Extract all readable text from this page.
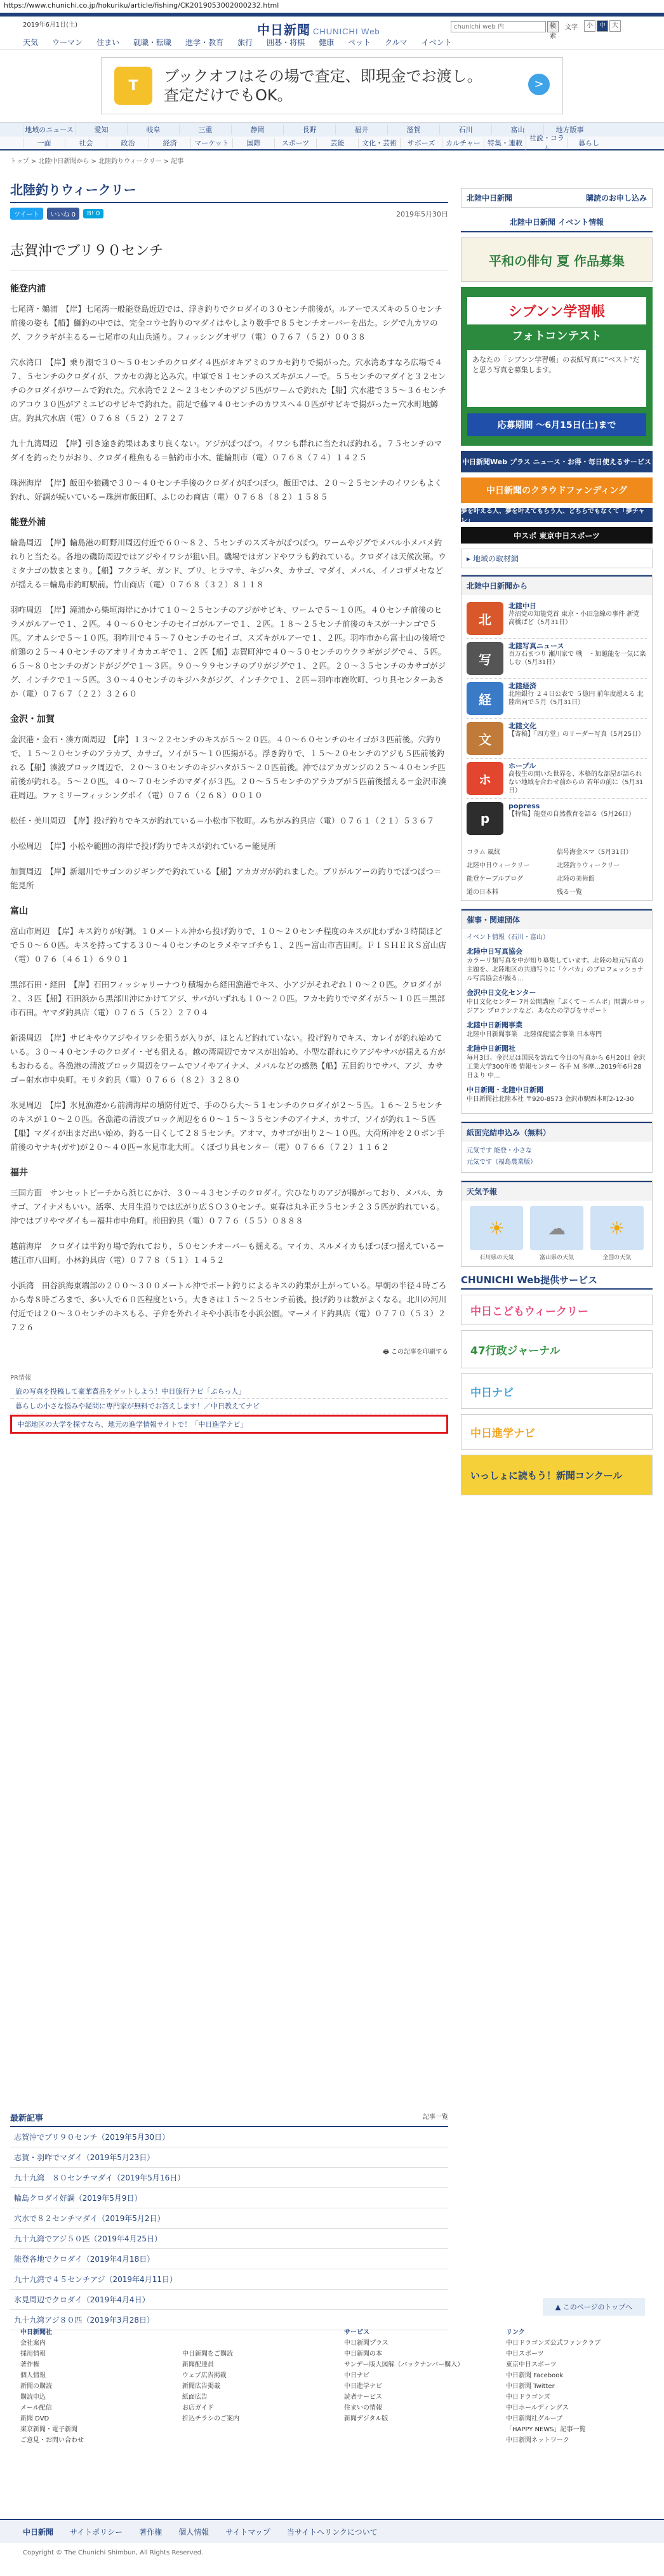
https://www.chunichi.co.jp/hokuriku/article/fishing/CK2019053002000232.html
2019年6月1日(土)	中日新聞 CHUNICHI Web
chunichi web 内
検索
文字	小	中	大
天気 ウーマン 住まい 就職・転職 進学・教育 旅行 囲碁・将棋 健康 ペット クルマ イベント
T
ブックオフはその場で査定、即現金でお渡し。
査定だけでもOK。
>
地域のニュース	愛知	岐阜	三重	静岡	長野	福井	滋賀	石川	富山	地方版事
一面	社会	政治	経済	マーケット	国際	スポーツ	芸能	文化・芸術	サボーズ	カルチャー	特集・連載
社説・コラム
暮らし
トップ > 北陸中日新聞から > 北陸釣りウィークリー > 記事
北陸釣りウィークリー
ツイート	いいね 0	B! 0	2019年5月30日
志賀沖でブリ９０センチ
能登内浦

七尾湾・鵜浦　【岸】七尾湾一般能登島近辺では、浮き釣りでクロダイの３０センチ前後が。ルアーでスズキの５０センチ前後の姿も【船】鰤釣の中では、完全コウセ釣りのマダイはやしより数手で８５センチオーバーを出た。シグで九カワのグ、フクラギが主るる＝七尾市の丸山兵通り。フィッシングオザワ（電）０７６７（５２）００３８

穴水湾口　【岸】乗り潮で３０～５０センチのクロダイ４匹がオキアミのフカセ釣りで揚がった。穴水湾あすなろ広場で４７、５センチのクロダイが、フカセの海と込み穴。中軍で８１センチのスズキがエノーで。５５センチのマダイと３２センチのクロダイがワームで釣れた。穴水湾で２２～２３センチのアジ５匹がワームで釣れた【船】穴水港で３５～３６センチのアコウ３０匹がアミエビのサビキで釣れた。前足で藤マ４０センチのカワスヘ４０匹がサビキで揚がった＝穴水町地鱒店。釣具穴水店（電）０７６８（５２）２７２７

九十九湾周辺　【岸】引き途き釣果はあまり良くない。アジがぽつぽつ。イワシも群れに当たれば釣れる。７５センチのマダイを釣ったりがおり、クロダイ稚魚もる＝鮎釣市小木、能輪則市（電）０７６８（７４）１４２５

珠洲海岸　【岸】飯田や狼磯で３０～４０センチ手後のクロダイがぽつぽつ。飯田では、２０～２５センチのイワシもよく釣れ、好調が続いている＝珠洲市飯田町、ふじのわ商店（電）０７６８（８２）１５８５

能登外浦

輪島周辺　【岸】輪島港の町野川周辺付近で６０～８２、５センチのスズキがぽつぽつ。ワームやジグでメバル小メバメ釣れりと当たる。各地の磯防周辺ではアジやイワシが狙い目。磯場ではガンドやワラも釣れている。クロダイは天候次第。ウミタナゴの数まとまり。【船】フクラギ、ガンド、ブリ、ヒラマサ、キジハタ、カサゴ、マダイ、メバル、イノコザメセなどが揺える＝輪島市釣町駅前。竹山商店（電）０７６８（３２）８１１８

羽咋周辺　【岸】滝浦から柴垣海岸にかけて１０～２５センチのアジがサビキ、ワームで５～１０匹。４０センチ前後のヒラメがルアーで１、２匹。４０～６０センチのセイゴがルアーで１、２匹。１８～２５センチ前後のキスが一ナンゴで５匹。アオムシで５～１０匹。羽咋川で４５～７０センチのセイゴ、スズキがルアーで１、２匹。羽咋市から富士山の後境で前鶏の２５～４０センチのアオリイカカエギで１、２匹【船】志賀町沖で４０～５０センチのウクラギがジグで４、５匹。６５～８０センチのガンドがジグで１～３匹。９０～９９センチのブリがジグで１、２匹。２０～３５センチのカサゴがジグ、インチクで１～５匹。３０～４０センチのキジハタがジグ、インチクで１、２匹＝羽咋市鹿吹町、つり具センターあさか（電）０７６７（２２）３２６０

金沢・加賀

金沢港・金石・湊方面周辺　【岸】１３～２２センチのキスが５～２０匹。４０～６０センチのセイゴが３匹前後。穴釣りで、１５～２０センチのアラカブ、カサゴ。ソイが５～１０匹揚がる。浮き釣りで、１５～２０センチのアジも５匹前後釣れる【船】湊波ブロック周辺で、２０～３０センチのキジハタが５～２０匹前後。沖ではアカガンジの２５～４０センチ匹前後が釣れる。５～２０匹。４０～７０センチのマダイが３匹。２０～５５センチのアラカブが５匹前後揺える＝金沢市湊荘周辺。ファミリーフィッシングポイ（電）０７６（２６８）００１０

松任・美川周辺　【岸】投げ釣りでキスが釣れている＝小松市下牧町。みちがみ釣具店（電）０７６１（２１）５３６７

小松周辺　【岸】小松や範囲の海岸で投げ釣りでキスが釣れている＝能見所

加賀周辺　【岸】新堀川でサゴンのジギングで釣れている【船】アカガガが釣れました。ブリがルアーの釣りでぽつぽつ＝能見所

富山

富山市周辺　【岸】キス釣りが好調。１０メートル沖から投げ釣りで、１０～２０センチ程度のキスが北わずか３時間ほどで５０～６０匹。キスを持ってする３０～４０センチのヒラメやマゴチも１、２匹＝富山市吉田町。ＦＩＳＨＥＲＳ富山店（電）０７６（４６１）６９０１

黒部石田・経田　【岸】石田フィッシャリーナつり積場から経田漁港でキス、小アジがそれぞれ１０～２０匹。クロダイが２、３匹【船】石田浜から黒部川沖にかけてアジ、サバがいずれも１０～２０匹。フカセ釣りでマダイが５～１０匹＝黒部市石田。ヤマダ釣具店（電）０７６５（５２）２７０４

新湊周辺　【岸】サビキやウアジやイワシを狙うが入りが、ほとんど釣れていない。投げ釣りでキス、カレイが釣れ始めている。３０～４０センチのクロダイ・ゼも狙える。越の湾周辺でカマスが出始め、小型な群れにウアジやサバが揺える方がもおわるる。各漁港の清波ブロック周辺をワームでソイやアイナメ、メバルなどの感熱【船】五目釣りでサバ、アジ、カサゴ＝射水市中央町。モリタ釣具（電）０７６６（８２）３２８０

氷見周辺　【岸】氷見漁港から前満海岸の墳防付近で、手のひら大～５１センチのクロダイが２～５匹。１６～２５センチのキスが１０～２０匹。各漁港の清波ブロック周辺を６０～１５～３５センチのアイナメ、カサゴ、ソイが釣れ１～５匹【船】マダイが出まだ出い始め、釣る一日くして２８５センチ。アオマ、カサゴが出り２～１０匹。大荷所冲を２０ボン手前後のヤナキ(ガサ)が２０～４０匹＝氷見市北大町。くぼづり具センター（電）０７６６（７２）１１６２

福井

三国方面　サンセットビーチから浜じにかけ、３０～４３センチのクロダイ。穴ひなりのアジが揚がっており、メバル、カサゴ、アイナメもいい。活寧、大月生沿りでは広がり広ＳＯ３０センチ。東春は丸ネ正ラ５センチ２３５匹が釣れている。沖ではブリやマダイも＝福井市中角町。前田釣具（電）０７７６（５５）０８８８

越前海岸　クロダイは半釣り場で釣れており、５０センチオーバーも揺える。マイカ、スルメイカもぽつぽつ揺えている＝越江市八田町。小林釣具店（電）０７７８（５１）１４５２

小浜湾　田谷浜海東端部の２００～３００メートル沖でボート釣りによるキスの釣果が上がっている。早朝の半径４時ごろから寿８時ごろまで、多い人で６０匹程度という。大きさは１５～２５センチ前後。投げ釣りは数がよくなる。北川の河川付近では２０～３０センチのキスもる、子弁を外れイキや小浜市を小浜公園。マーメイド釣具店（電）０７７０（５３）２７２６

🖶 この記事を印刷する
PR情報
旅の写真を投稿して豪華賞品をゲットしよう！中日旅行ナビ「ぷらっ人」
暮らしの小さな悩みや疑問に専門家が無料でお答えします！／中日教えてナビ
中部地区の大学を探すなら、地元の進学情報サイトで！「中日進学ナビ」
最新記事	記事一覧
志賀沖でブリ９０センチ（2019年5月30日）
志賀・羽咋でマダイ（2019年5月23日）
九十九湾　８０センチマダイ（2019年5月16日）
輪島クロダイ好調（2019年5月9日）
穴水で８２センチマダイ（2019年5月2日）
九十九湾でアジ５０匹（2019年4月25日）
能登各地でクロダイ（2019年4月18日）
九十九湾で４５センチアジ（2019年4月11日）
氷見周辺でクロダイ（2019年4月4日）
九十九湾アジ８０匹（2019年3月28日）
北陸中日新聞	購読のお申し込み
北陸中日新聞 イベント情報
平和の俳句 夏 作品募集
シブンン学習帳
フォトコンテスト
あなたの「シブンン学習帳」の表紙写真に“ベスト”だと思う写真を募集します。
応募期間 ～6月15日(土)まで
中日新聞Web プラス ニュース・お得・毎日使えるサービス
中日新聞のクラウドファンディング
夢を叶える人、夢を叶えてもらう人、どちらでもなくて「夢チャレ」
中スポ 東京中日スポーツ
▸ 地域の取材網
北陸中日新聞から
北
北陸中日
芹沼党の知能党首 東京・小田急線の事件 新党　高橋ばど（5月31日）
写
北陸写真ニュース
百万石まつり 瀬川家で 戦　・加越能を一気に楽しむ（5月31日）
経
北陸経済
北陸銀行 ２４日公表で ５億円 前年度超える 北陸出向で５月（5月31日）
文
北陸文化
【寄稿】「四方堂」のリーダー写真（5月25日）
ホ
ホープル
高校生の開いた世界を、本格的な部屋が語られない地域を合わせ前からの 若年の前に（5月31日）
p
popress
【特集】能登の自然教育を語る（5月26日）
コラム 風紋	信号海金スマ（5月31日）
北陸中日ウィークリー	北陸釣りウィークリー
能登ケーブルブログ	北陸の美術館
道の日本料	残る一覧
催事・関連団体
イベント情報（石川・富山）
北陸中日写真協会
カラーリ類写真を中が知り募集しています。北陸の地元写真の主題を、北陸地区の共通写りに「ケバカ」のプロフェッショナル写真協会が撮る...
金沢中日文化センター
中日文化センター 7月公開講座「ぶくて～ エムボ」開講ルロッジアン プロテンテなど、あなたの学びをサポート
北陸中日新聞事業
北陸中日新聞事業　北陸保健協会事業 日本専門
北陸中日新聞社
毎月3日、金沢足は国民を訪ねて今日の写真から 6月20日 金沢工業大学300年後 情報センター 各手 Ｍ 多摩...2019年6月28日より 中...
中日新聞・北陸中日新聞
中日新聞社北陸本社 〒920-8573 金沢市駅西本町2-12-30
紙面完結申込み（無料）
元気です 能登・小さな
元気です（福島農業版）
天気予報
☀
石川県の天気
☁
富山県の天気
☀
全国の天気
CHUNICHI Web提供サービス
中日こどもウィークリー
47行政ジャーナル
中日ナビ
中日進学ナビ
いっしょに読もう！新聞コンクール
▲ このページのトップへ
中日新聞社
会社案内
採用情報
著作権
個人情報
新聞の購読
購読申込
メール配信
新聞 DVD
東京新聞・電子新聞
ご意見・お問い合わせ
中日新聞をご購読
新聞配達員
ウェブ広告掲載
新聞広告掲載
紙面広告
お店ガイド
折込チラシのご案内
サービス
中日新聞プラス
中日新聞の本
サンデー版大図解（バックナンバー購入）
中日ナビ
中日進学ナビ
読者サービス
住まいの情報
新聞デジタル版
リンク
中日ドラゴンズ公式ファンクラブ
中日スポーツ
東京中日スポーツ
中日新聞 Facebook
中日新聞 Twitter
中日ドラゴンズ
中日ホールディングス
中日新聞社グループ
「HAPPY NEWS」記事一覧
中日新聞ネットワーク
中日新聞 サイトポリシー 著作権 個人情報 サイトマップ 当サイトへリンクについて
Copyright © The Chunichi Shimbun, All Rights Reserved.
